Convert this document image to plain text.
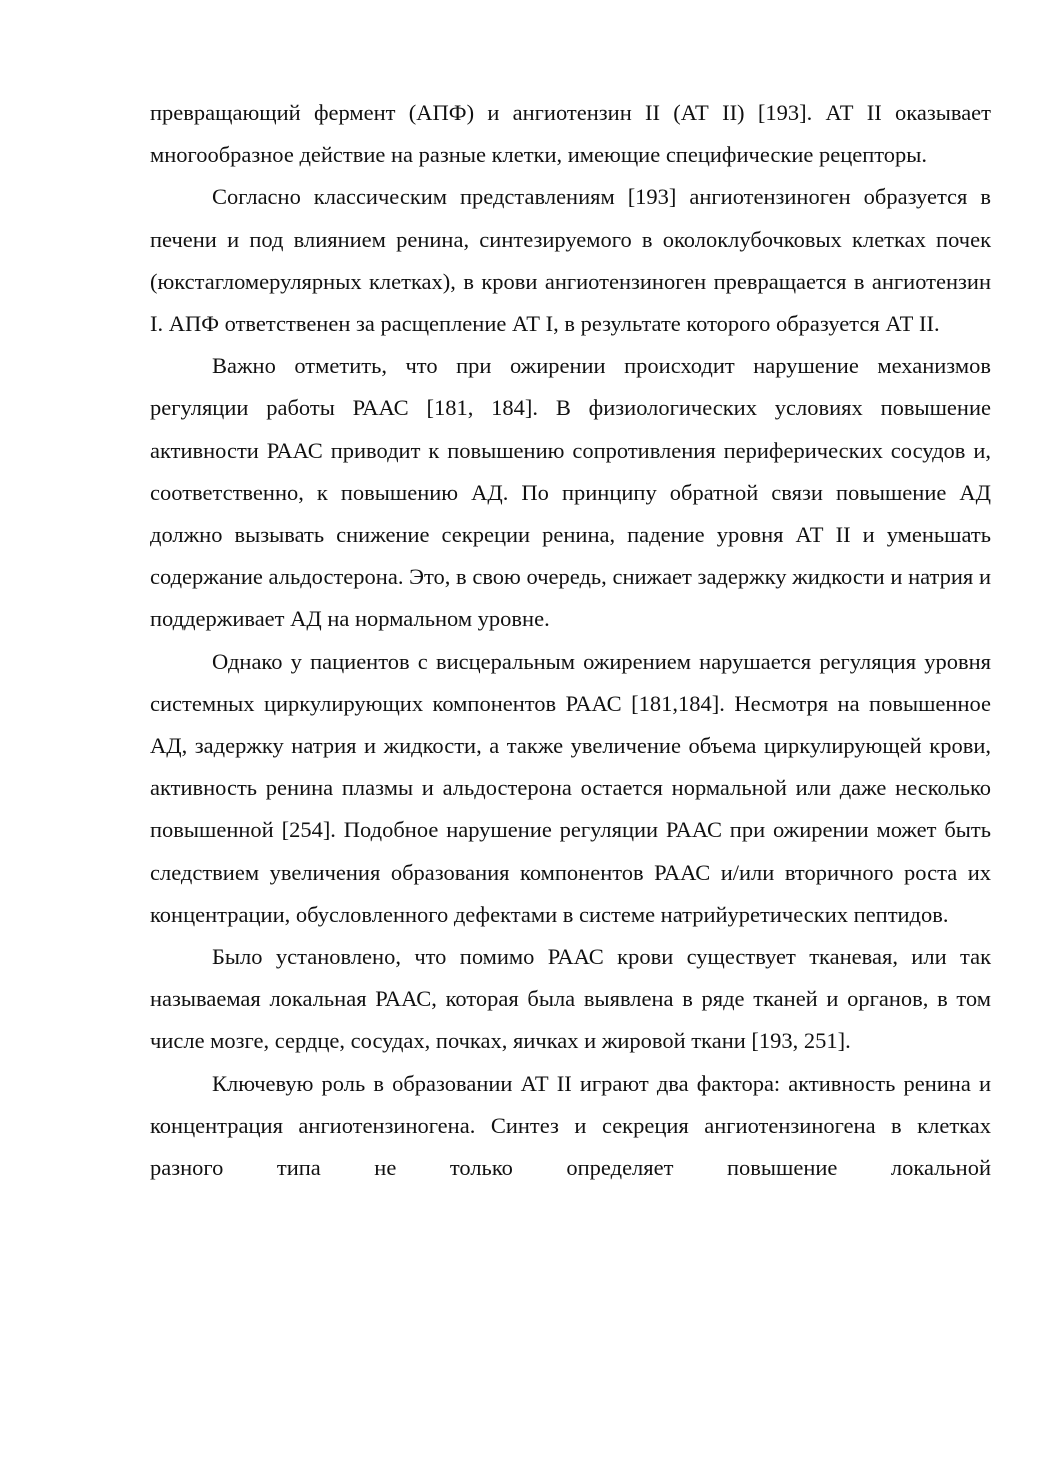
превращающий фермент (АПФ) и ангиотензин II (АТ II) [193]. АТ II оказывает многообразное действие на разные клетки, имеющие специфические рецепторы.

Согласно классическим представлениям [193] ангиотензиноген образуется в печени и под влиянием ренина, синтезируемого в околоклубочковых клетках почек (юкстагломерулярных клетках), в крови ангиотензиноген превращается в ангиотензин I. АПФ ответственен за расщепление АТ I, в результате которого образуется АТ II.

Важно отметить, что при ожирении происходит нарушение механизмов регуляции работы РААС [181, 184]. В физиологических условиях повышение активности РААС приводит к повышению сопротивления периферических сосудов и, соответственно, к повышению АД. По принципу обратной связи повышение АД должно вызывать снижение секреции ренина, падение уровня АТ II и уменьшать содержание альдостерона. Это, в свою очередь, снижает задержку жидкости и натрия и поддерживает АД на нормальном уровне.

Однако у пациентов с висцеральным ожирением нарушается регуляция уровня системных циркулирующих компонентов РААС [181,184]. Несмотря на повышенное АД, задержку натрия и жидкости, а также увеличение объема циркулирующей крови, активность ренина плазмы и альдостерона остается нормальной или даже несколько повышенной [254]. Подобное нарушение регуляции РААС при ожирении может быть следствием увеличения образования компонентов РААС и/или вторичного роста их концентрации, обусловленного дефектами в системе натрийуретических пептидов.

Было установлено, что помимо РААС крови существует тканевая, или так называемая локальная РААС, которая была выявлена в ряде тканей и органов, в том числе мозге, сердце, сосудах, почках, яичках и жировой ткани [193, 251].

Ключевую роль в образовании АТ II играют два фактора: активность ренина и концентрация ангиотензиногена. Синтез и секреция ангиотензиногена в клетках разного типа не только определяет повышение локальной
